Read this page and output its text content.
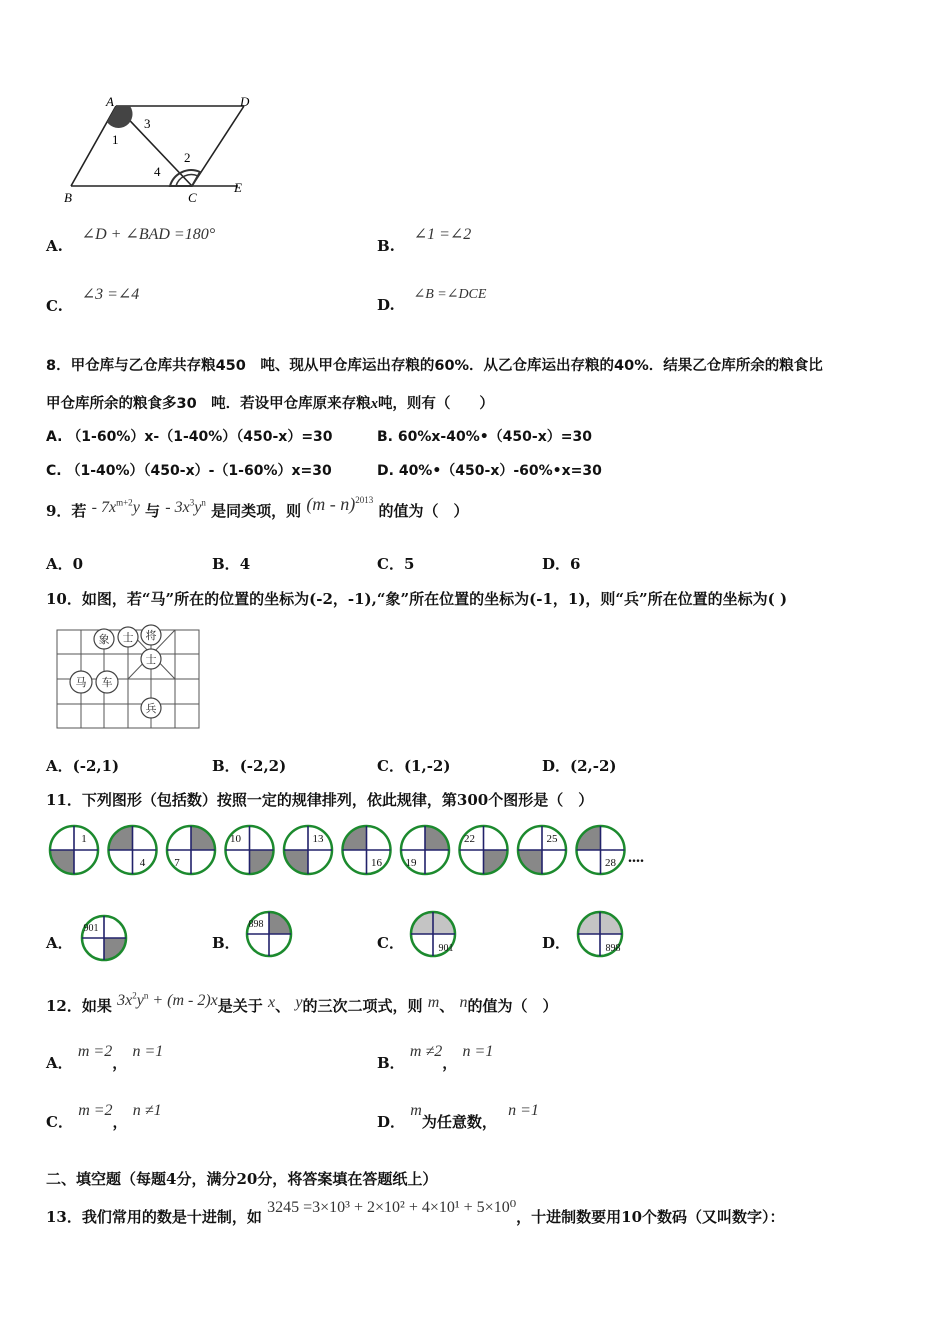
A	D
B	C
E
1
2
3
4
A. ∠D + ∠BAD =180°
B. ∠1 =∠2
C. ∠3 =∠4
D. ∠B =∠DCE
8．甲仓库与乙仓库共存粮450　吨、现从甲仓库运出存粮的60%．从乙仓库运出存粮的40%．结果乙仓库所余的粮食比
甲仓库所余的粮食多30　吨．若设甲仓库原来存粮x吨，则有（　　）
A. （1-60%）x-（1-40%）（450-x）=30	B. 60%x-40%•（450-x）=30
C. （1-40%）（450-x）-（1-60%）x=30	D. 40%•（450-x）-60%•x=30
9．若 - $7x^{m+2}y$ 与 - $3x^3y^n$ 是同类项，则 (m - n)$^{2013}$ 的值为（　）
A．0	B．4	C．5	D．6
10．如图，若“马”所在的位置的坐标为(-2，-1),“象”所在位置的坐标为(-1，1)，则“兵”所在位置的坐标为( )
象 士 将
士
马 车
兵
A．(-2,1)	B．(-2,2)	C．(1,-2)	D．(2,-2)
11．下列图形（包括数）按照一定的规律排列，依此规律，第300个图形是（　）
1
4	7
10	13
16 19
22	25
28 ....
A．
901
B．
898
C．	901	D．	898
12．如果 $3x^2y^n + (m - 2)x$是关于 x、 y的三次二项式，则 m、 n的值为（　）
A． m =2， n =1
B． m ≠2， n =1
C． m =2， n ≠1
D． m为任意数， n =1
二、填空题（每题4分，满分20分，将答案填在答题纸上）
13．我们常用的数是十进制，如 3245 =3×10³ + 2×10² + 4×10¹ + 5×10⁰，十进制数要用10个数码（又叫数字）：
